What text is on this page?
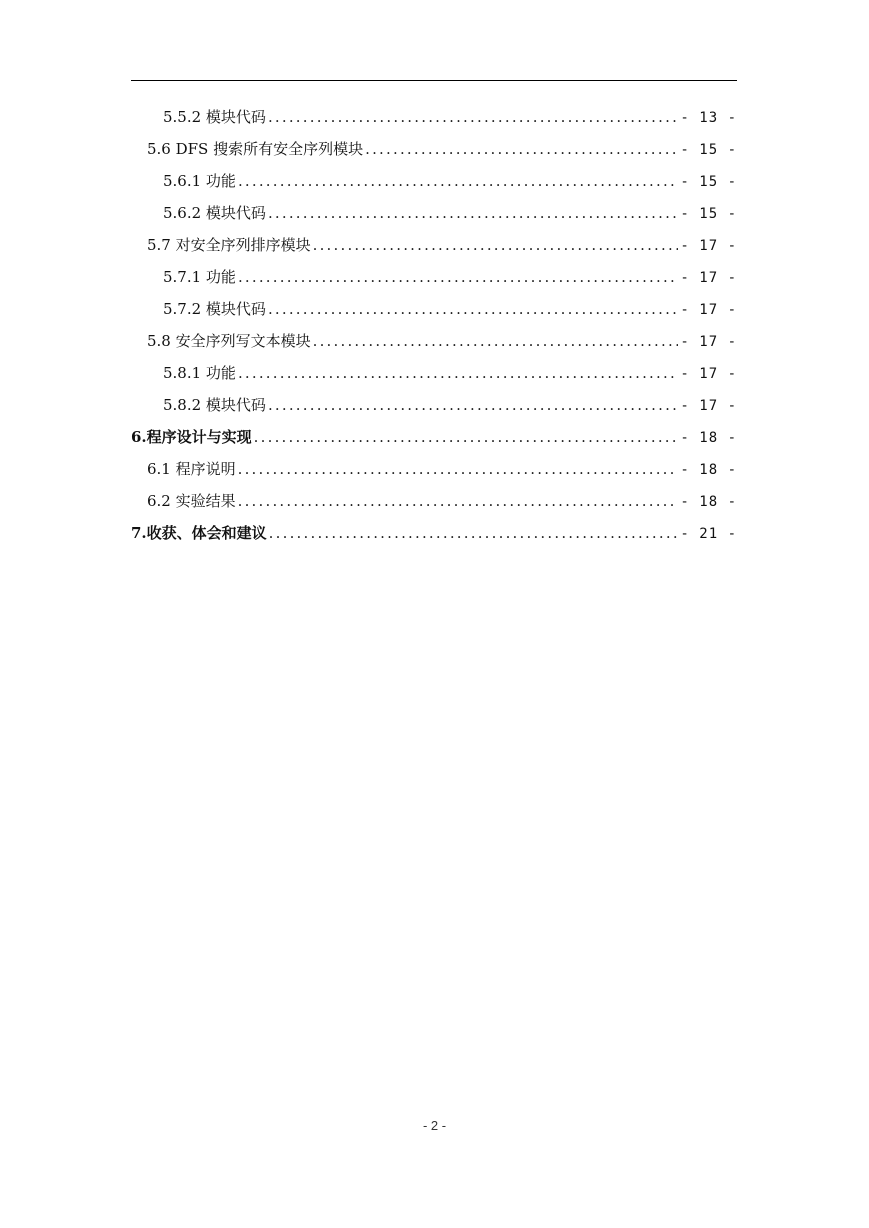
5.5.2 模块代码 .....	- 13 -
5.6 DFS 搜索所有安全序列模块 .....	- 15 -
5.6.1 功能 .....	- 15 -
5.6.2 模块代码 .....	- 15 -
5.7 对安全序列排序模块 .....	- 17 -
5.7.1 功能 .....	- 17 -
5.7.2 模块代码 .....	- 17 -
5.8 安全序列写文本模块 .....	- 17 -
5.8.1 功能 .....	- 17 -
5.8.2 模块代码 .....	- 17 -
6.程序设计与实现 .....	- 18 -
6.1 程序说明 .....	- 18 -
6.2 实验结果 .....	- 18 -
7.收获、体会和建议 .....	- 21 -
- 2 -
